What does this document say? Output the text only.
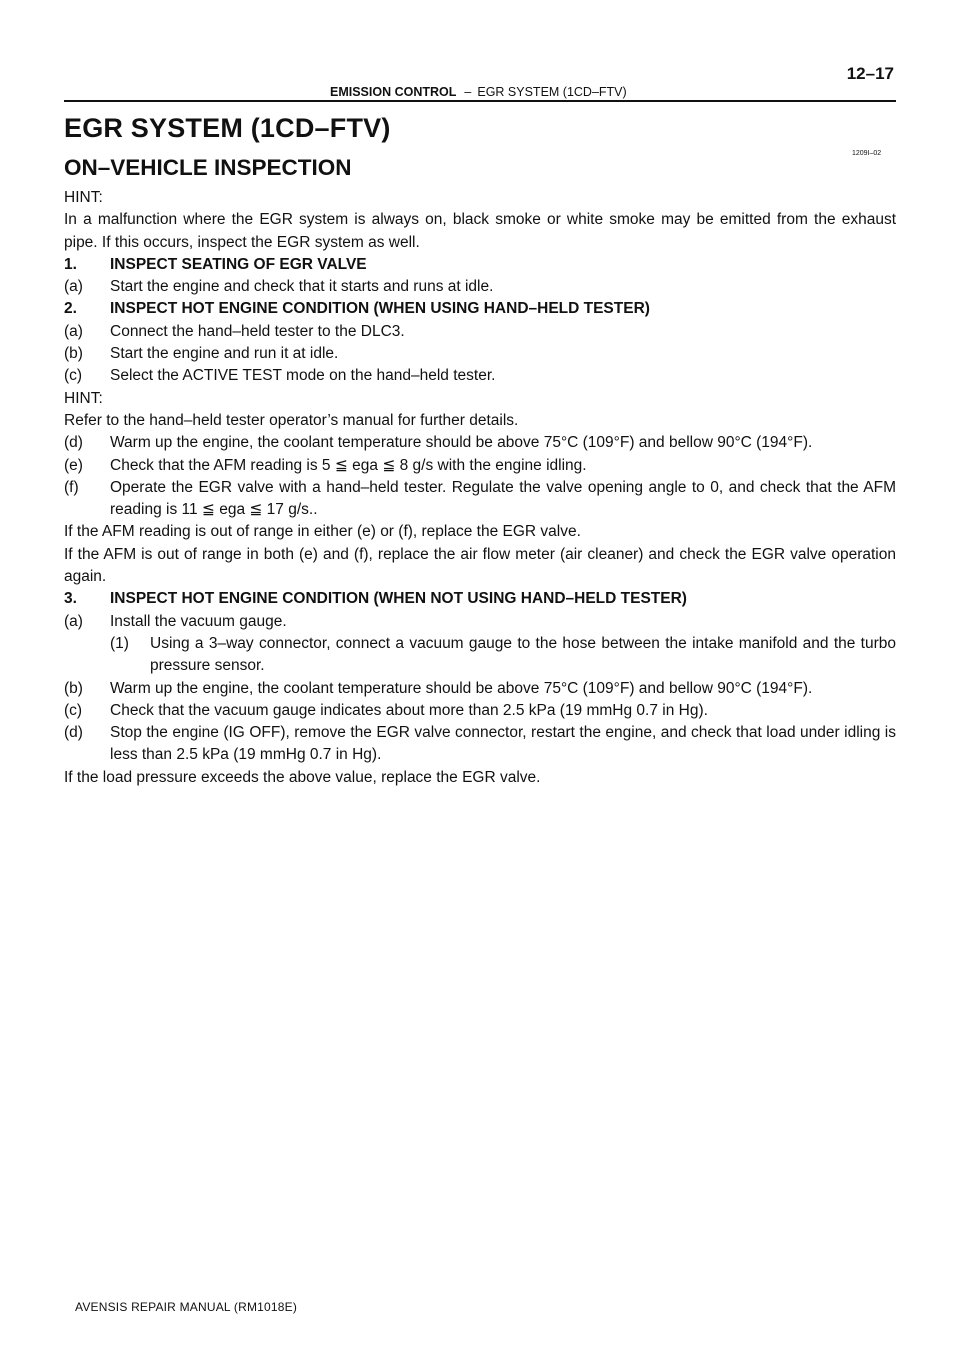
EMISSION CONTROL – EGR SYSTEM (1CD–FTV)
12–17
EGR SYSTEM (1CD–FTV)
1209I–02
ON–VEHICLE INSPECTION

HINT:

In a malfunction where the EGR system is always on, black smoke or white smoke may be emitted from the exhaust pipe. If this occurs, inspect the EGR system as well.

1.	INSPECT SEATING OF EGR VALVE
(a)	Start the engine and check that it starts and runs at idle.
2.	INSPECT HOT ENGINE CONDITION (WHEN USING HAND–HELD TESTER)
(a)	Connect the hand–held tester to the DLC3.
(b)	Start the engine and run it at idle.
(c)	Select the ACTIVE TEST mode on the hand–held tester.

HINT:

Refer to the hand–held tester operator’s manual for further details.

(d)	Warm up the engine, the coolant temperature should be above 75°C (109°F) and bellow 90°C (194°F).
(e)	Check that the AFM reading is 5 ≦ ega ≦ 8 g/s with the engine idling.
(f)	Operate the EGR valve with a hand–held tester. Regulate the valve opening angle to 0, and check that the AFM reading is 11 ≦ ega ≦ 17 g/s..

If the AFM reading is out of range in either (e) or (f), replace the EGR valve.

If the AFM is out of range in both (e) and (f), replace the air flow meter (air cleaner) and check the EGR valve operation again.

3.	INSPECT HOT ENGINE CONDITION (WHEN NOT USING HAND–HELD TESTER)
(a)	Install the vacuum gauge.
(1)	Using a 3–way connector, connect a vacuum gauge to the hose between the intake manifold and the turbo pressure sensor.
(b)	Warm up the engine, the coolant temperature should be above 75°C (109°F) and bellow 90°C (194°F).
(c)	Check that the vacuum gauge indicates about more than 2.5 kPa (19 mmHg 0.7 in Hg).
(d)	Stop the engine (IG OFF), remove the EGR valve connector, restart the engine, and check that load under idling is less than 2.5 kPa (19 mmHg 0.7 in Hg).

If the load pressure exceeds the above value, replace the EGR valve.

AVENSIS REPAIR MANUAL (RM1018E)
